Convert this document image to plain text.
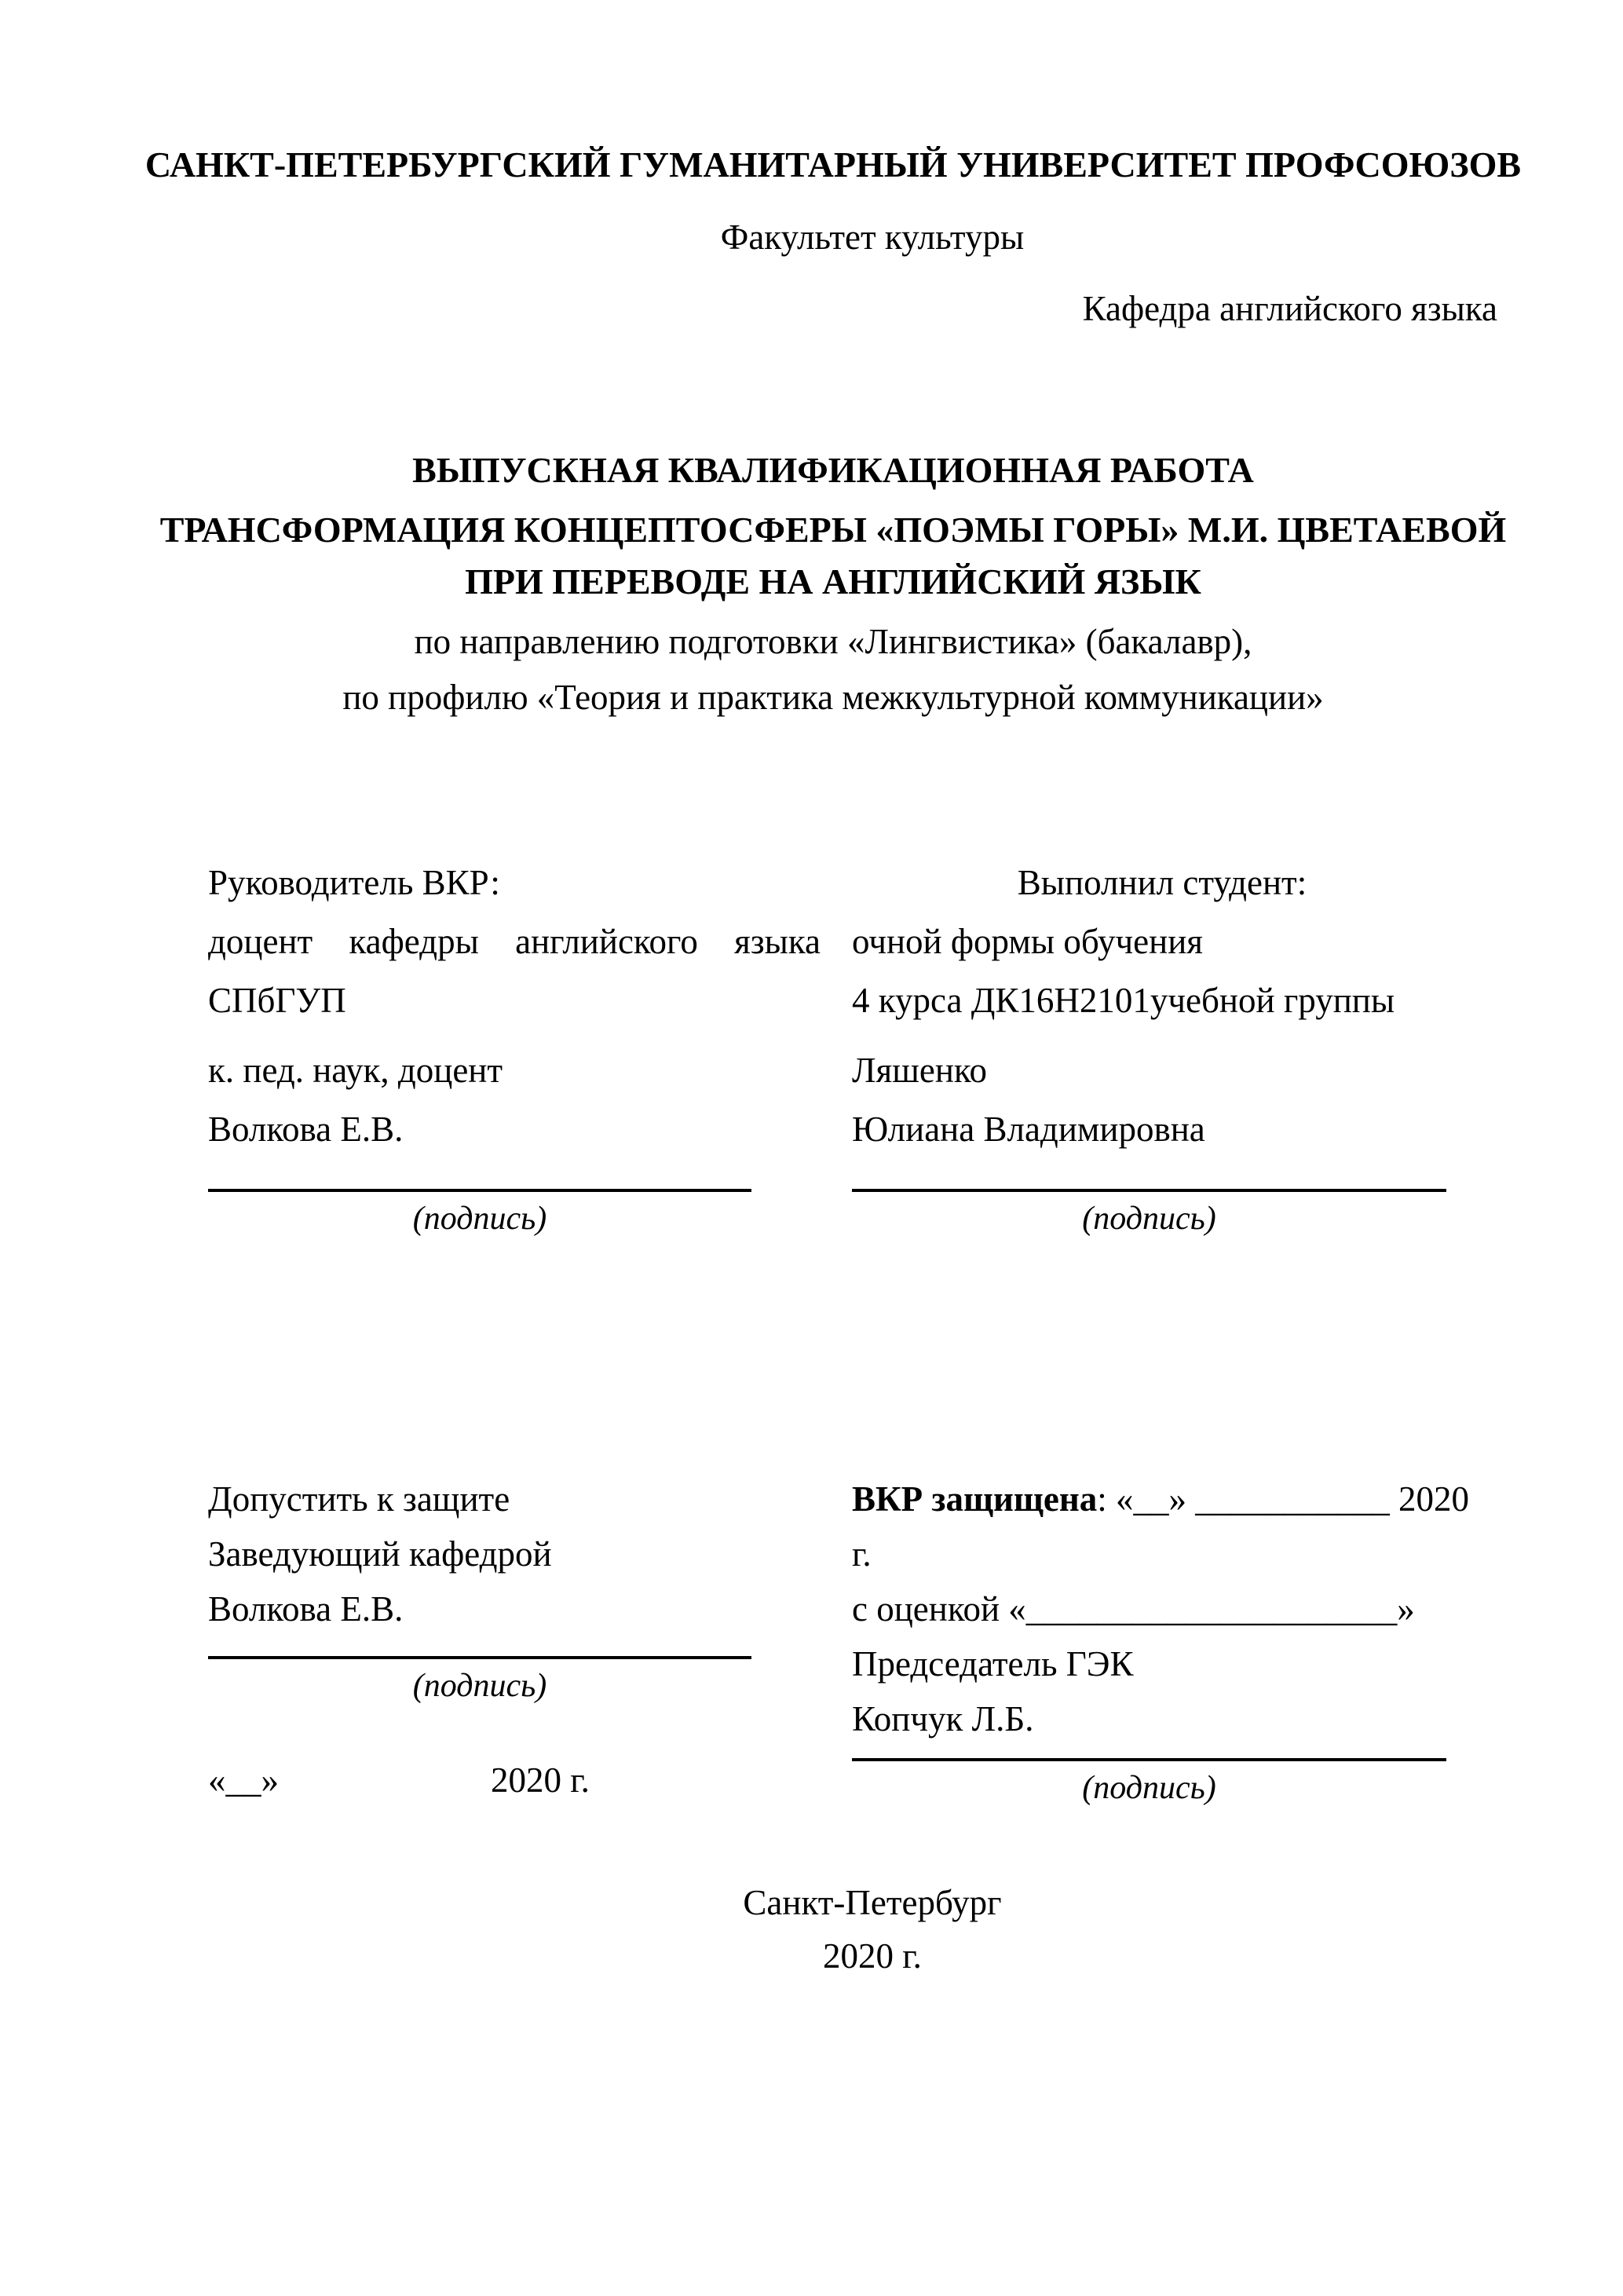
САНКТ-ПЕТЕРБУРГСКИЙ ГУМАНИТАРНЫЙ УНИВЕРСИТЕТ ПРОФСОЮЗОВ
Факультет культуры
Кафедра английского языка
ВЫПУСКНАЯ КВАЛИФИКАЦИОННАЯ РАБОТА
ТРАНСФОРМАЦИЯ КОНЦЕПТОСФЕРЫ «ПОЭМЫ ГОРЫ» М.И. ЦВЕТАЕВОЙ ПРИ ПЕРЕВОДЕ НА АНГЛИЙСКИЙ ЯЗЫК
по направлению подготовки «Лингвистика» (бакалавр),
по профилю «Теория и практика межкультурной коммуникации»

Руководитель ВКР:

доцент кафедры английского языка СПбГУП

к. пед. наук, доцент

Волкова Е.В.

(подпись)

Выполнил студент:

очной формы обучения

4 курса ДК16Н2101учебной группы

Ляшенко

Юлиана Владимировна

(подпись)

Допустить к защите

Заведующий кафедрой

Волкова Е.В.

(подпись)

«__»	2020 г.

ВКР защищена: «__» ___________ 2020 г.

с оценкой «_____________________»

Председатель ГЭК

Копчук Л.Б.

(подпись)

Санкт-Петербург

2020 г.
